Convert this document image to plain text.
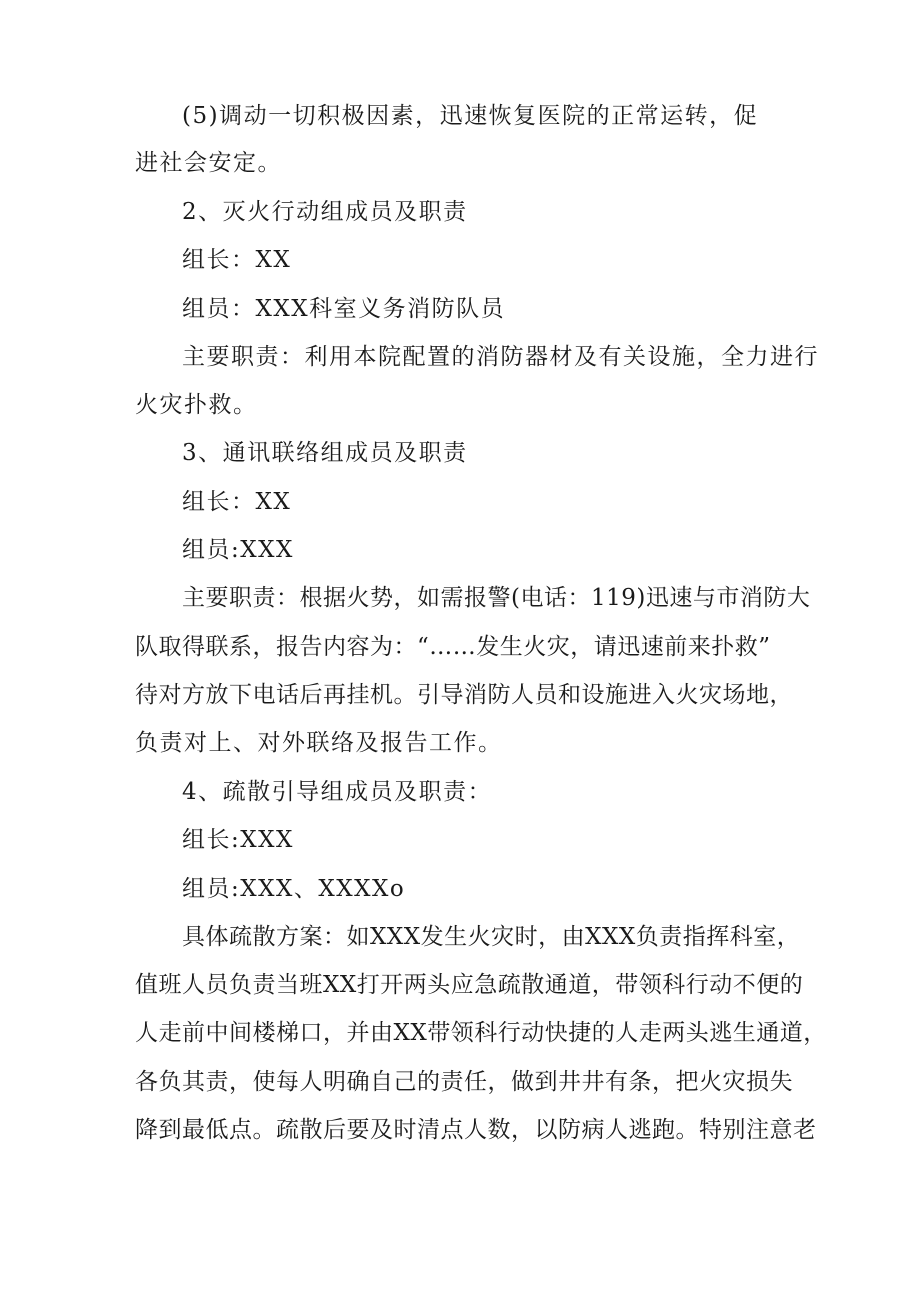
(5)调动一切积极因素，迅速恢复医院的正常运转，促
进社会安定。
2、灭火行动组成员及职责
组长：XX
组员：XXX科室义务消防队员
主要职责：利用本院配置的消防器材及有关设施，全力进行
火灾扑救。
3、通讯联络组成员及职责
组长：XX
组员:XXX
主要职责：根据火势，如需报警(电话：119)迅速与市消防大
队取得联系，报告内容为：“……发生火灾，请迅速前来扑救”
待对方放下电话后再挂机。引导消防人员和设施进入火灾场地，
负责对上、对外联络及报告工作。
4、疏散引导组成员及职责：
组长:XXX
组员:XXX、XXXXo
具体疏散方案：如XXX发生火灾时，由XXX负责指挥科室，
值班人员负责当班XX打开两头应急疏散通道，带领科行动不便的
人走前中间楼梯口，并由XX带领科行动快捷的人走两头逃生通道，
各负其责，使每人明确自己的责任，做到井井有条，把火灾损失
降到最低点。疏散后要及时清点人数，以防病人逃跑。特别注意老
